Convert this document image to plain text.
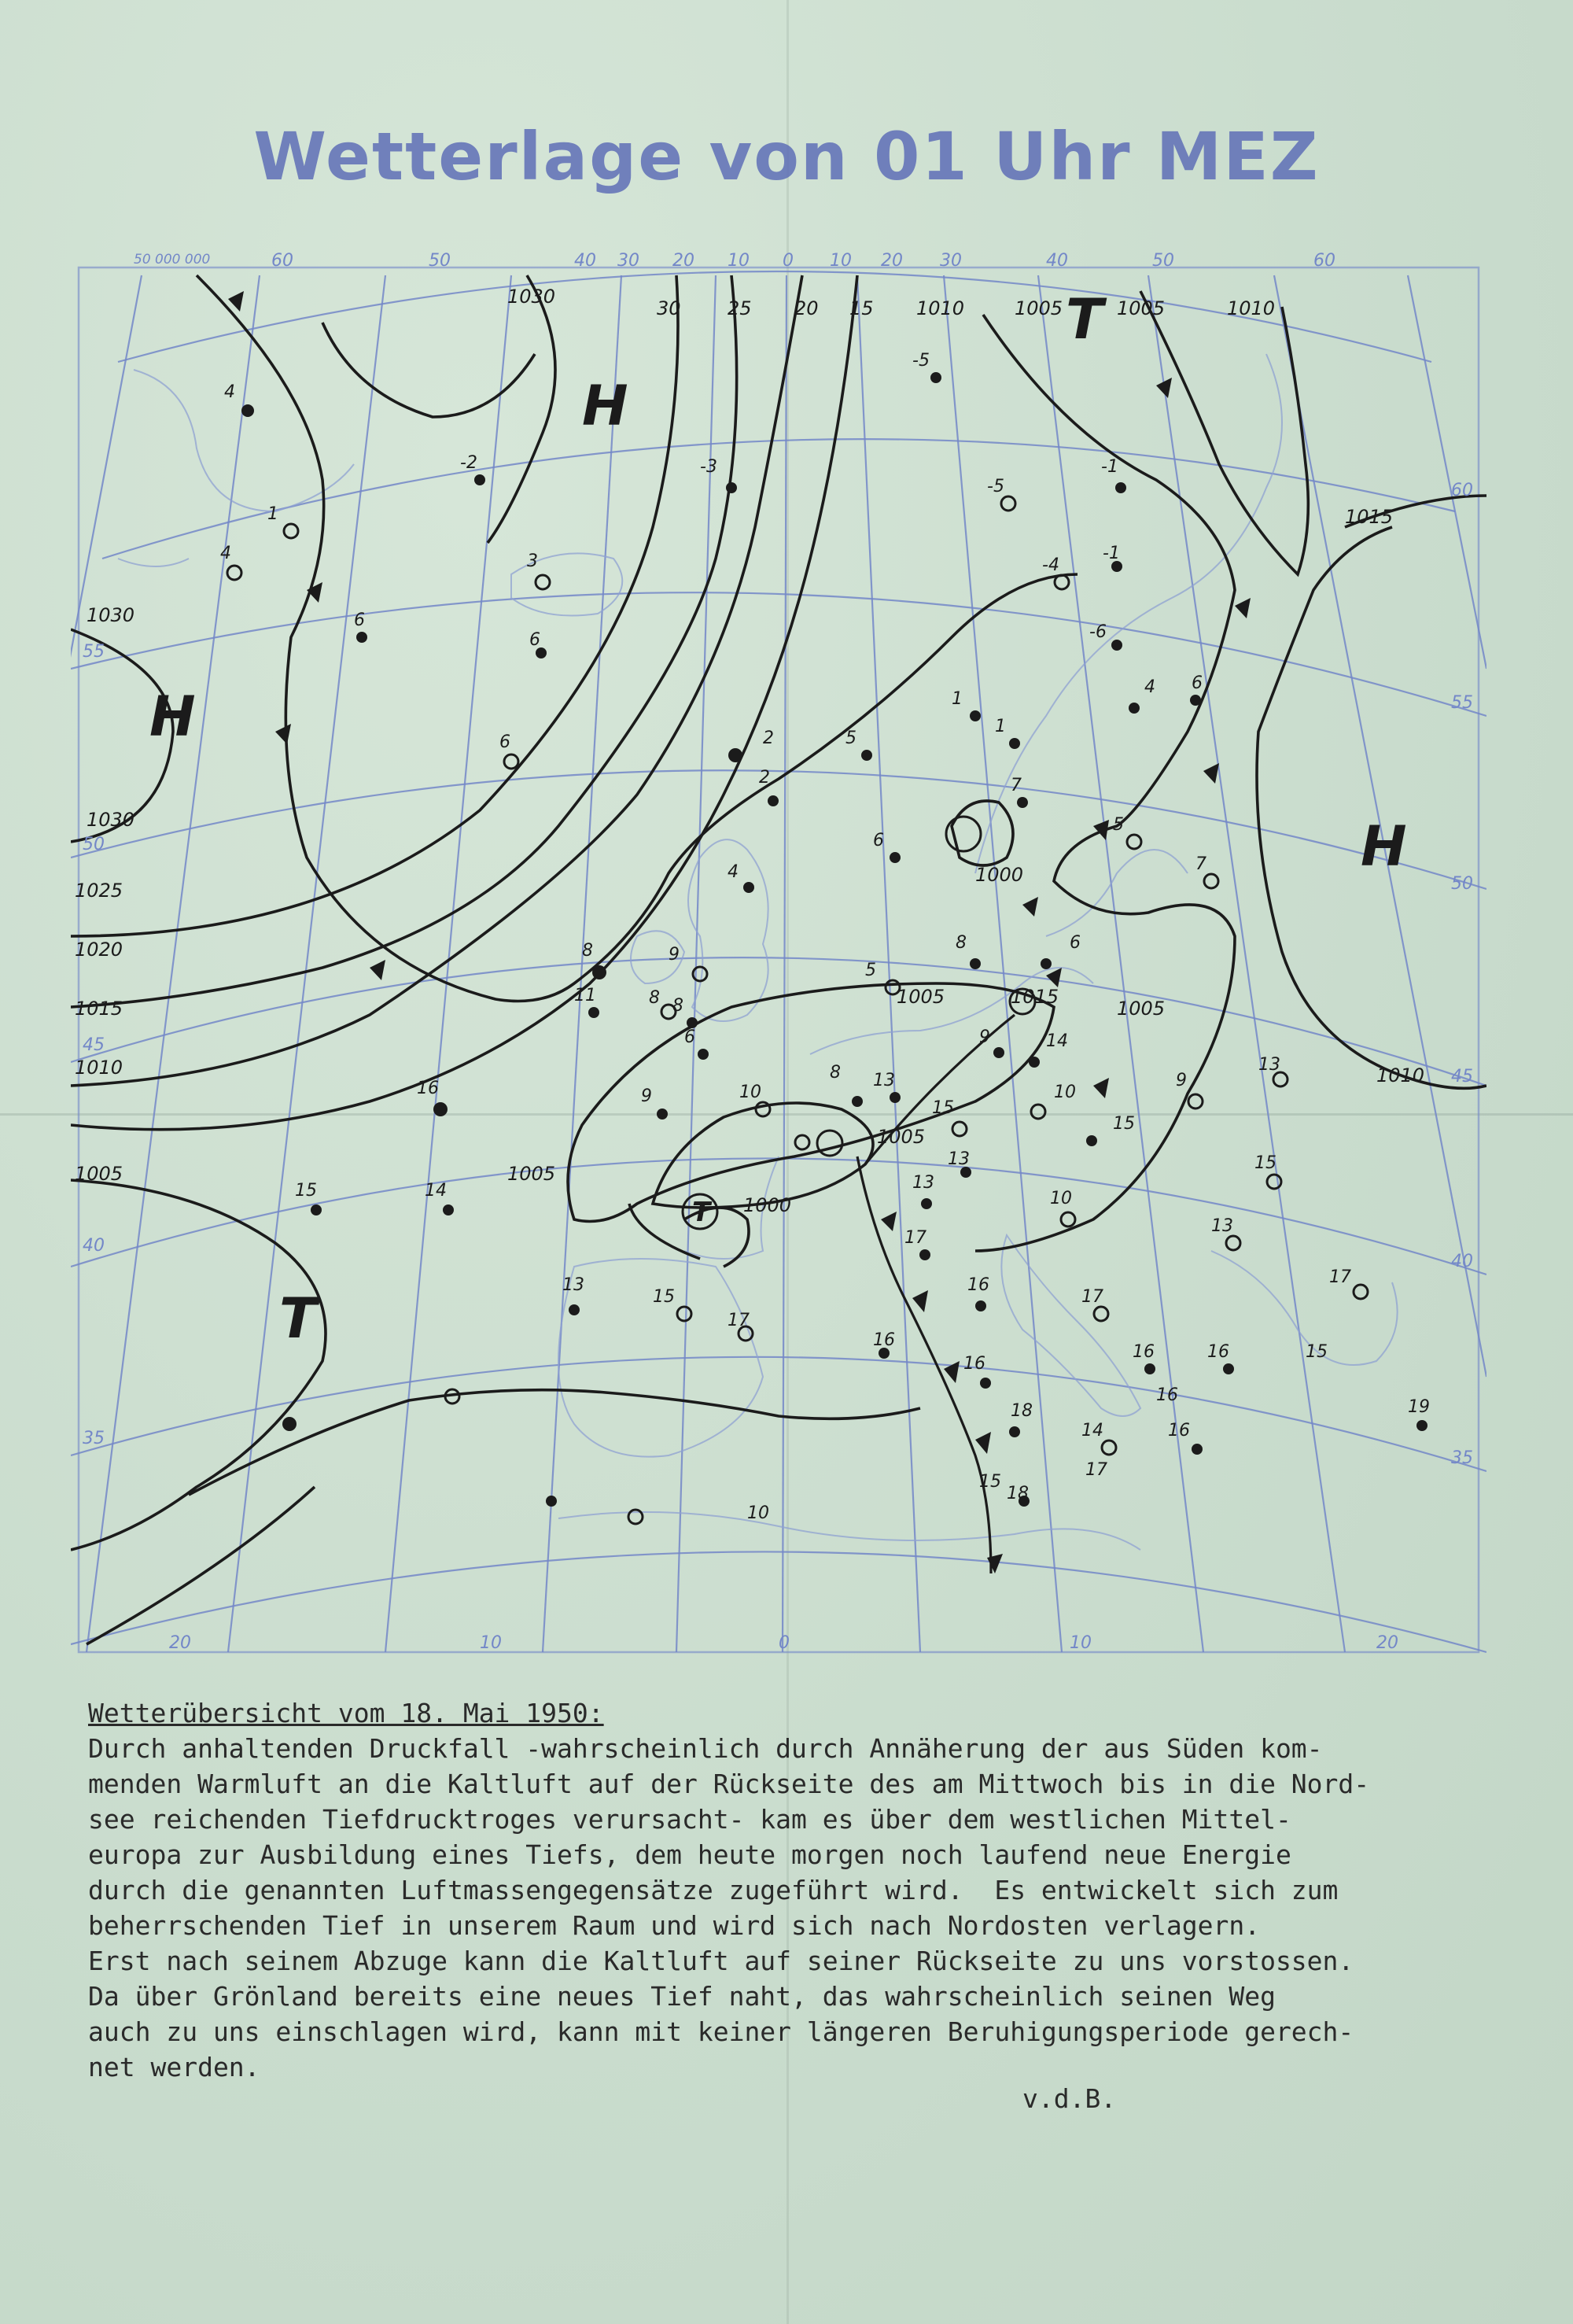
Wetterlage von 01 Uhr MEZ
60	50	40 30 20 10 0 10 20 30	40	50	60
20	10	0	10	20
55
50
45
40
35
60
55
50
45
40
35
1030
30 25 20 15 1010	1005	1005	1010
1015
1030
1030
1025
1020
1015
1010
1005	1005
1010
1015
1005
1005
1000
1000
1005
H
H
H
T
T
T
4
1
4
6
-2
3
6
6
-3
-5
-1
-5
-4
-1
-6
4 6
1
1
5
2
2
4
7
6
5
8	6
5
7
8	9
8
11
8
6
9
13
10
8
9	14
15
10
13
15
9
13
13
16
15
15	14
17
10
13
13
15
17
16
16
17
16	16
16
17
18
14	16
19
15
16
17
10
18
15
50 000 000
Wetterübersicht vom 18. Mai 1950:
Durch anhaltenden Druckfall -wahrscheinlich durch Annäherung der aus Süden kom-
menden Warmluft an die Kaltluft auf der Rückseite des am Mittwoch bis in die Nord-
see reichenden Tiefdrucktroges verursacht- kam es über dem westlichen Mittel-
europa zur Ausbildung eines Tiefs, dem heute morgen noch laufend neue Energie
durch die genannten Luftmassengegensätze zugeführt wird.  Es entwickelt sich zum
beherrschenden Tief in unserem Raum und wird sich nach Nordosten verlagern.
Erst nach seinem Abzuge kann die Kaltluft auf seiner Rückseite zu uns vorstossen.
Da über Grönland bereits eine neues Tief naht, das wahrscheinlich seinen Weg
auch zu uns einschlagen wird, kann mit keiner längeren Beruhigungsperiode gerech-
net werden.
v.d.B.
